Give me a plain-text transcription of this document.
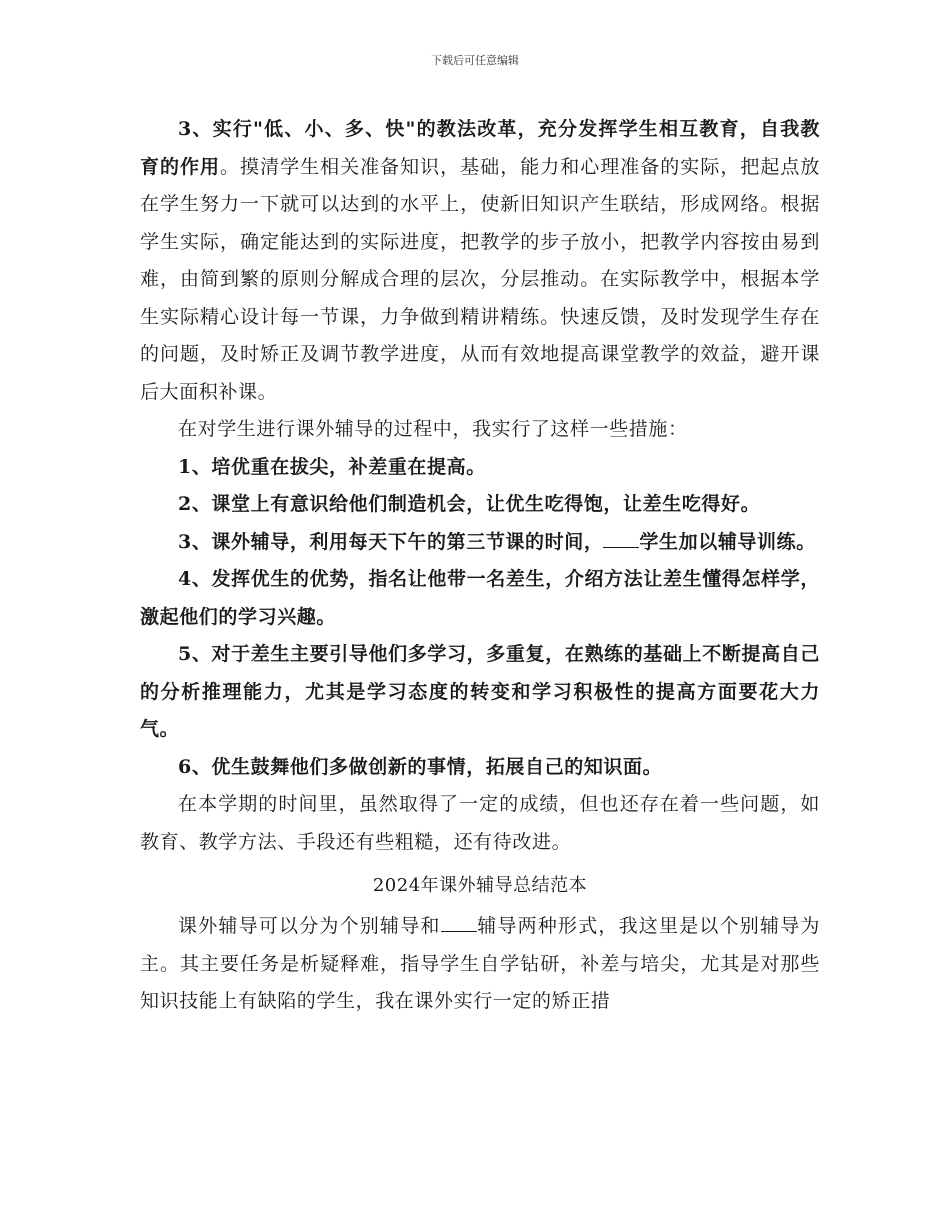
下载后可任意编辑

3、实行"低、小、多、快"的教法改革，充分发挥学生相互教育，自我教育的作用。摸清学生相关准备知识，基础，能力和心理准备的实际，把起点放在学生努力一下就可以达到的水平上，使新旧知识产生联结，形成网络。根据学生实际，确定能达到的实际进度，把教学的步子放小，把教学内容按由易到难，由简到繁的原则分解成合理的层次，分层推动。在实际教学中，根据本学生实际精心设计每一节课，力争做到精讲精练。快速反馈，及时发现学生存在的问题，及时矫正及调节教学进度，从而有效地提高课堂教学的效益，避开课后大面积补课。

在对学生进行课外辅导的过程中，我实行了这样一些措施：

1、培优重在拔尖，补差重在提高。

2、课堂上有意识给他们制造机会，让优生吃得饱，让差生吃得好。

3、课外辅导，利用每天下午的第三节课的时间， 学生加以辅导训练。

4、发挥优生的优势，指名让他带一名差生，介绍方法让差生懂得怎样学，激起他们的学习兴趣。

5、对于差生主要引导他们多学习，多重复，在熟练的基础上不断提高自己的分析推理能力，尤其是学习态度的转变和学习积极性的提高方面要花大力气。

6、优生鼓舞他们多做创新的事情，拓展自己的知识面。

在本学期的时间里，虽然取得了一定的成绩，但也还存在着一些问题，如教育、教学方法、手段还有些粗糙，还有待改进。

2024年课外辅导总结范本

课外辅导可以分为个别辅导和 辅导两种形式，我这里是以个别辅导为主。其主要任务是析疑释难，指导学生自学钻研，补差与培尖，尤其是对那些知识技能上有缺陷的学生，我在课外实行一定的矫正措
